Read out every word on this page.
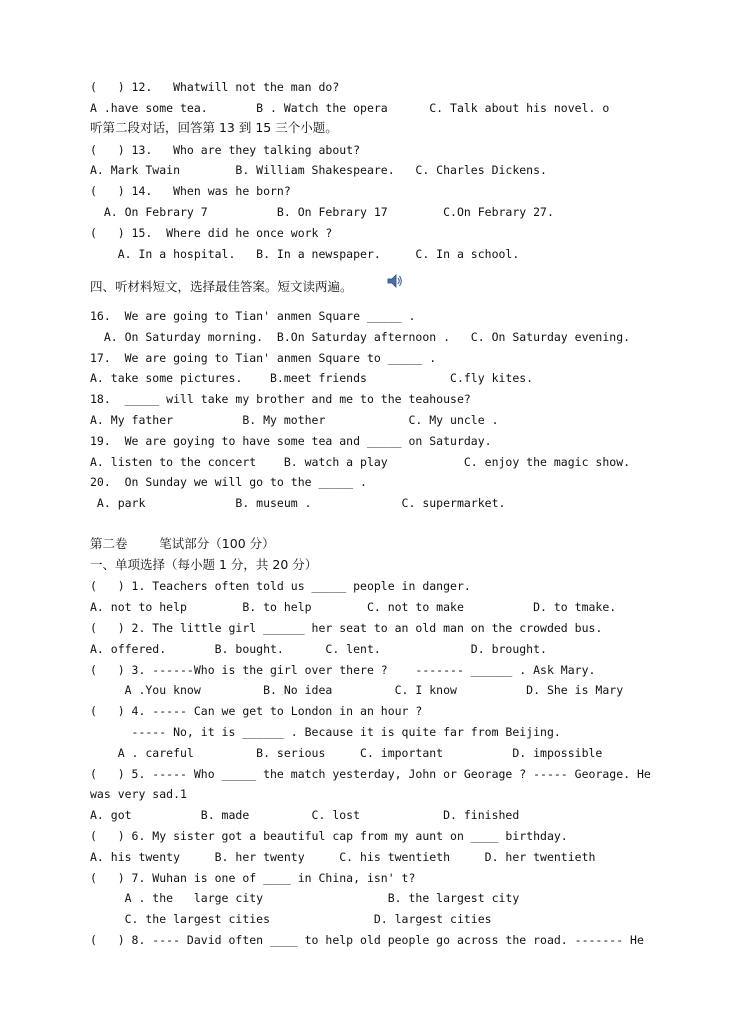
(   ) 12.   Whatwill not the man do?
A .have some tea.       B . Watch the opera      C. Talk about his novel. o
听第二段对话，回答第 13 到 15 三个小题。
(   ) 13.   Who are they talking about?
A. Mark Twain        B. William Shakespeare.   C. Charles Dickens.
(   ) 14.   When was he born?
A. On Febrary 7          B. On Febrary 17        C.On Febrary 27.
(   ) 15.  Where did he once work ?
A. In a hospital.   B. In a newspaper.     C. In a school.
四、听材料短文，选择最佳答案。短文读两遍。
16.  We are going to Tian' anmen Square _____ .
A. On Saturday morning.  B.On Saturday afternoon .   C. On Saturday evening.
17.  We are going to Tian' anmen Square to _____ .
A. take some pictures.    B.meet friends            C.fly kites.
18.  _____ will take my brother and me to the teahouse?
A. My father          B. My mother            C. My uncle .
19.  We are goying to have some tea and _____ on Saturday.
A. listen to the concert    B. watch a play           C. enjoy the magic show.
20.  On Sunday we will go to the _____ .
A. park             B. museum .             C. supermarket.
第二卷        笔试部分（100 分）
一、单项选择（每小题 1 分，共 20 分）
(   ) 1. Teachers often told us _____ people in danger.
A. not to help        B. to help        C. not to make          D. to tmake.
(   ) 2. The little girl ______ her seat to an old man on the crowded bus.
A. offered.       B. bought.      C. lent.             D. brought.
(   ) 3. ------Who is the girl over there ?    ------- ______ . Ask Mary.
A .You know         B. No idea         C. I know          D. She is Mary
(   ) 4. ----- Can we get to London in an hour ?
----- No, it is ______ . Because it is quite far from Beijing.
A . careful         B. serious     C. important          D. impossible
(   ) 5. ----- Who _____ the match yesterday, John or Georage ? ----- Georage. He
was very sad.1
A. got          B. made         C. lost            D. finished
(   ) 6. My sister got a beautiful cap from my aunt on ____ birthday.
A. his twenty     B. her twenty     C. his twentieth     D. her twentieth
(   ) 7. Wuhan is one of ____ in China, isn' t?
A . the   large city                  B. the largest city
C. the largest cities               D. largest cities
(   ) 8. ---- David often ____ to help old people go across the road. ------- He
